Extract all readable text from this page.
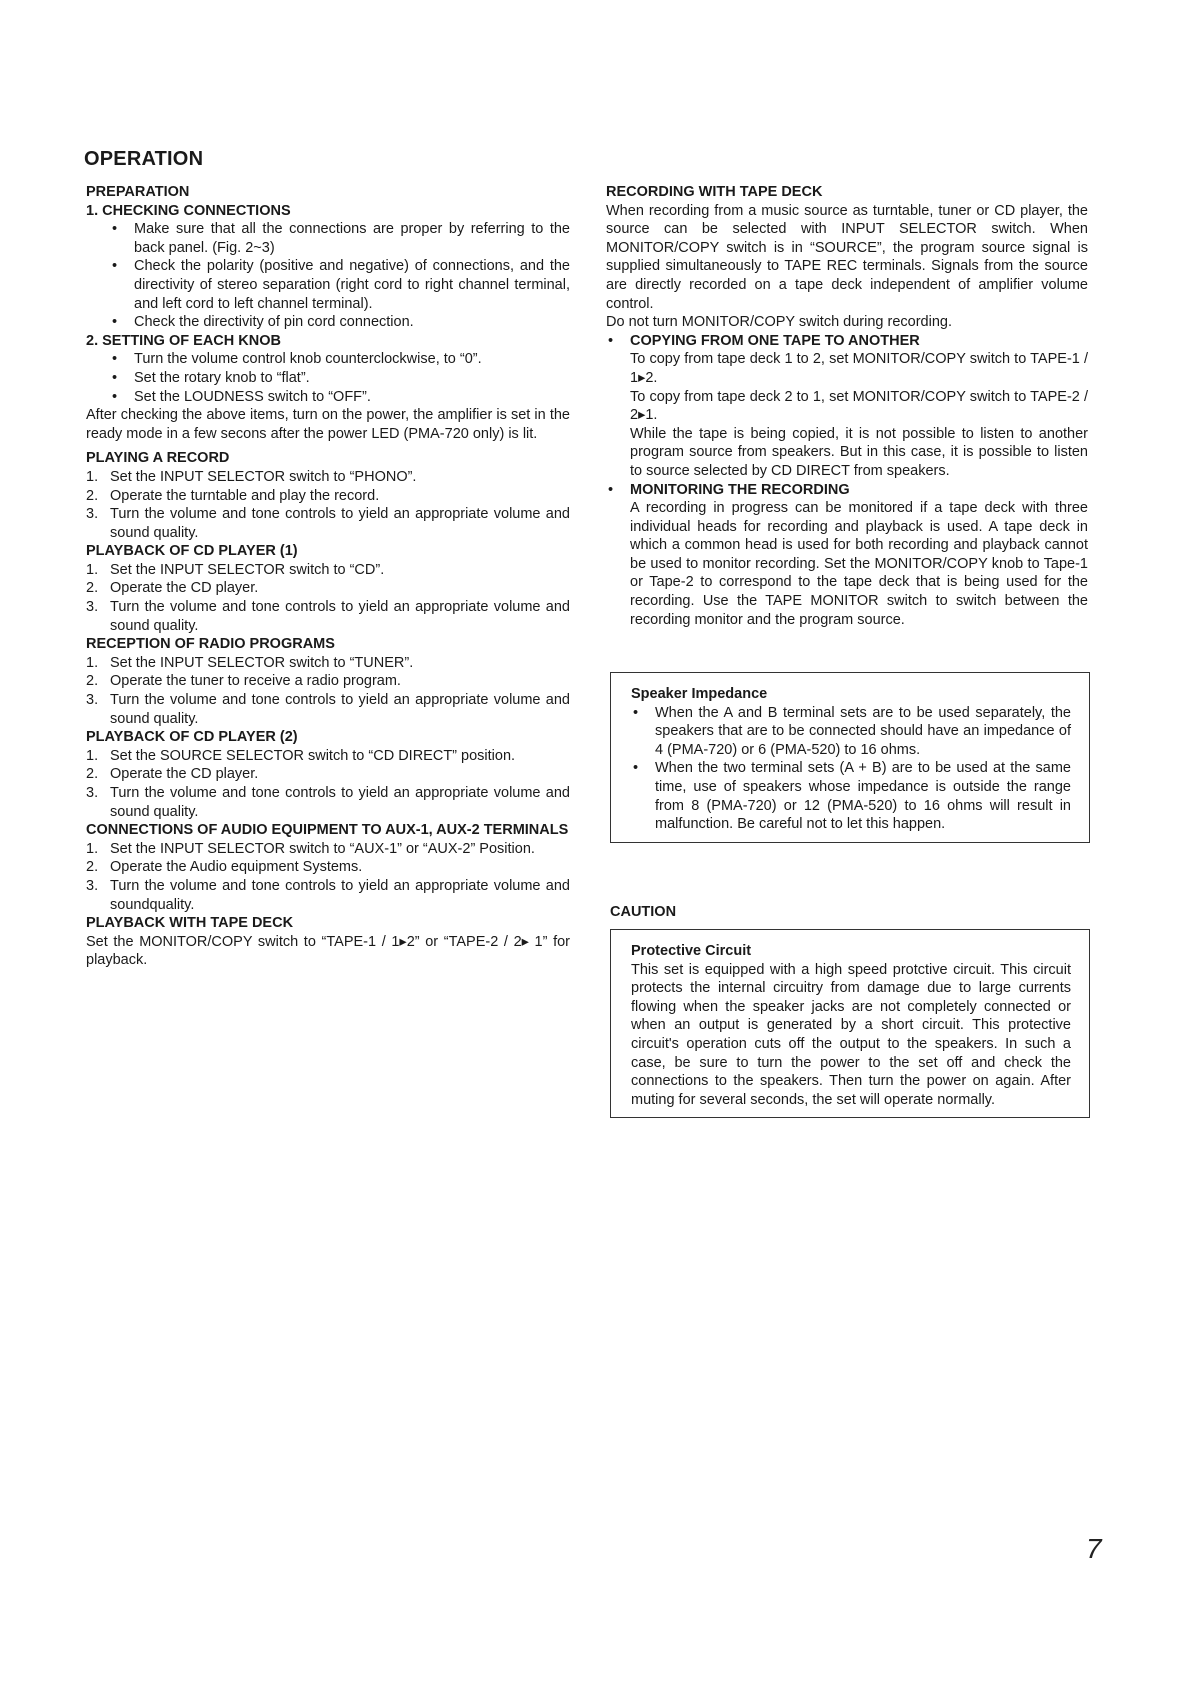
OPERATION
PREPARATION
1. CHECKING CONNECTIONS
• Make sure that all the connections are proper by referring to the back panel. (Fig. 2~3)
• Check the polarity (positive and negative) of connections, and the directivity of stereo separation (right cord to right channel terminal, and left cord to left channel terminal).
• Check the directivity of pin cord connection.
2. SETTING OF EACH KNOB
• Turn the volume control knob counterclockwise, to “0”.
• Set the rotary knob to “flat”.
• Set the LOUDNESS switch to “OFF”.

After checking the above items, turn on the power, the amplifier is set in the ready mode in a few secons after the power LED (PMA-720 only) is lit.

PLAYING A RECORD
1. Set the INPUT SELECTOR switch to “PHONO”.
2. Operate the turntable and play the record.
3. Turn the volume and tone controls to yield an appropriate volume and sound quality.
PLAYBACK OF CD PLAYER (1)
1. Set the INPUT SELECTOR switch to “CD”.
2. Operate the CD player.
3. Turn the volume and tone controls to yield an appropriate volume and sound quality.
RECEPTION OF RADIO PROGRAMS
1. Set the INPUT SELECTOR switch to “TUNER”.
2. Operate the tuner to receive a radio program.
3. Turn the volume and tone controls to yield an appropriate volume and sound quality.
PLAYBACK OF CD PLAYER (2)
1. Set the SOURCE SELECTOR switch to “CD DIRECT” position.
2. Operate the CD player.
3. Turn the volume and tone controls to yield an appropriate volume and sound quality.
CONNECTIONS OF AUDIO EQUIPMENT TO AUX-1, AUX-2 TERMINALS
1. Set the INPUT SELECTOR switch to “AUX-1” or “AUX-2” Position.
2. Operate the Audio equipment Systems.
3. Turn the volume and tone controls to yield an appropriate volume and soundquality.
PLAYBACK WITH TAPE DECK

Set the MONITOR/COPY switch to “TAPE-1 / 1▸2” or “TAPE-2 / 2▸ 1” for playback.

RECORDING WITH TAPE DECK

When recording from a music source as turntable, tuner or CD player, the source can be selected with INPUT SELECTOR switch. When MONITOR/COPY switch is in “SOURCE”, the program source signal is supplied simultaneously to TAPE REC terminals. Signals from the source are directly recorded on a tape deck independent of amplifier volume control.

Do not turn MONITOR/COPY switch during recording.

• COPYING FROM ONE TAPE TO ANOTHER

To copy from tape deck 1 to 2, set MONITOR/COPY switch to TAPE-1 / 1▸2.

To copy from tape deck 2 to 1, set MONITOR/COPY switch to TAPE-2 / 2▸1.

While the tape is being copied, it is not possible to listen to another program source from speakers. But in this case, it is possible to listen to source selected by CD DIRECT from speakers.

• MONITORING THE RECORDING

A recording in progress can be monitored if a tape deck with three individual heads for recording and playback is used. A tape deck in which a common head is used for both recording and playback cannot be used to monitor recording. Set the MONITOR/COPY knob to Tape-1 or Tape-2 to correspond to the tape deck that is being used for the recording. Use the TAPE MONITOR switch to switch between the recording monitor and the program source.

Speaker Impedance
• When the A and B terminal sets are to be used separately, the speakers that are to be connected should have an impedance of 4 (PMA-720) or 6 (PMA-520) to 16 ohms.
• When the two terminal sets (A + B) are to be used at the same time, use of speakers whose impedance is outside the range from 8 (PMA-720) or 12 (PMA-520) to 16 ohms will result in malfunction. Be careful not to let this happen.
CAUTION
Protective Circuit

This set is equipped with a high speed protctive circuit. This circuit protects the internal circuitry from damage due to large currents flowing when the speaker jacks are not completely connected or when an output is generated by a short circuit. This protective circuit's operation cuts off the output to the speakers. In such a case, be sure to turn the power to the set off and check the connections to the speakers. Then turn the power on again. After muting for several seconds, the set will operate normally.

7
